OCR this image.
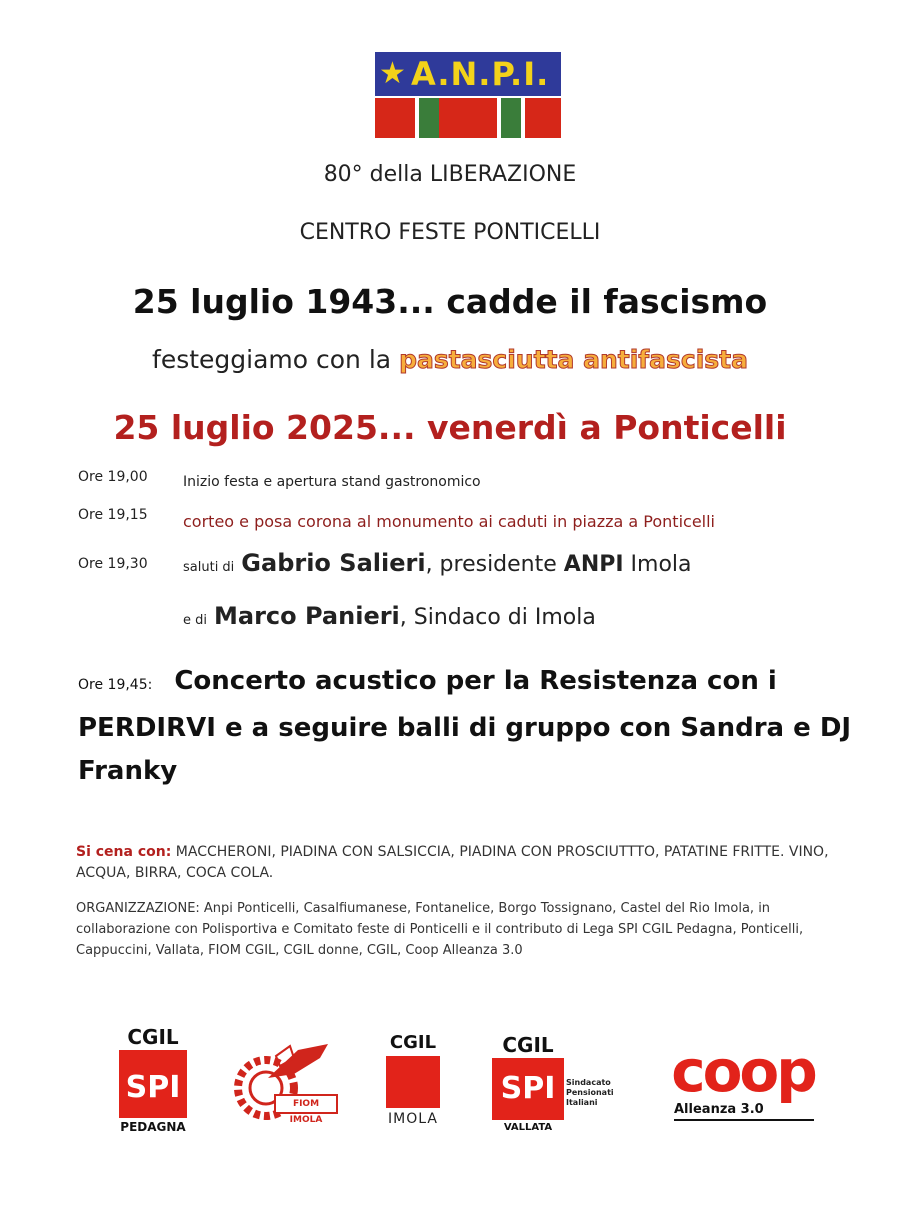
★ A.N.P.I.
80° della LIBERAZIONE
CENTRO FESTE PONTICELLI
25 luglio 1943... cadde il fascismo
festeggiamo con la pastasciutta antifascista
25 luglio 2025... venerdì a Ponticelli
Ore 19,00	Inizio festa e apertura stand gastronomico
Ore 19,15 corteo e posa corona al monumento ai caduti in piazza a Ponticelli
Ore 19,30	saluti di Gabrio Salieri, presidente ANPI Imola
e di Marco Panieri, Sindaco di Imola
Ore 19,45: Concerto acustico per la Resistenza con i PERDIRVI e a seguire balli di gruppo con Sandra e DJ Franky
Si cena con: MACCHERONI, PIADINA CON SALSICCIA, PIADINA CON PROSCIUTTTO, PATATINE FRITTE. VINO, ACQUA, BIRRA, COCA COLA.
ORGANIZZAZIONE: Anpi Ponticelli, Casalfiumanese, Fontanelice, Borgo Tossignano, Castel del Rio Imola, in collaborazione con Polisportiva e Comitato feste di Ponticelli e il contributo di Lega SPI CGIL Pedagna, Ponticelli, Cappuccini, Vallata, FIOM CGIL, CGIL donne, CGIL, Coop Alleanza 3.0
CGIL
SPI
PEDAGNA
FIOM IMOLA
CGIL
IMOLA
CGIL
SPI
VALLATA
Sindacato Pensionati Italiani	coop
Alleanza 3.0
